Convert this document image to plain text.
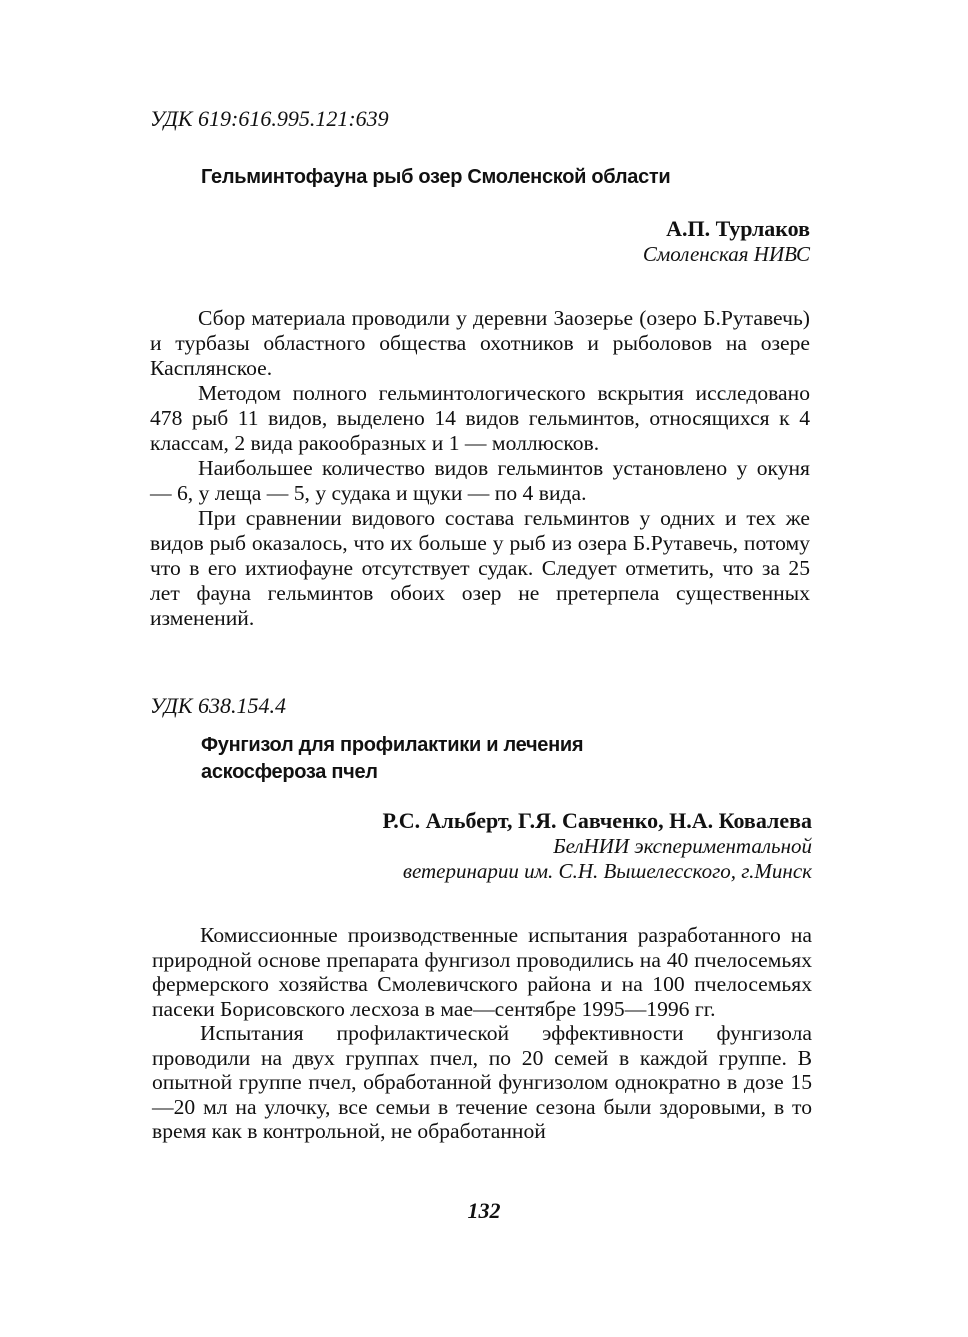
УДК 619:616.995.121:639
Гельминтофауна рыб озер Смоленской области
А.П. Турлаков
Смоленская НИВС

Сбор материала проводили у деревни Заозерье (озеро Б.Рутавечь) и турбазы областного общества охотников и рыболовов на озере Касплянское.

Методом полного гельминтологического вскрытия исследовано 478 рыб 11 видов, выделено 14 видов гельминтов, относящихся к 4 классам, 2 вида ракообразных и 1 — моллюсков.

Наибольшее количество видов гельминтов установлено у окуня — 6, у леща — 5, у судака и щуки — по 4 вида.

При сравнении видового состава гельминтов у одних и тех же видов рыб оказалось, что их больше у рыб из озера Б.Рутавечь, потому что в его ихтиофауне отсутствует судак. Следует отметить, что за 25 лет фауна гельминтов обоих озер не претерпела существенных изменений.

УДК 638.154.4
Фунгизол для профилактики и лечения
аскосфероза пчел
Р.С. Альберт, Г.Я. Савченко, Н.А. Ковалева
БелНИИ экспериментальной
ветеринарии им. С.Н. Вышелесского, г.Минск

Комиссионные производственные испытания разработанного на природной основе препарата фунгизол проводились на 40 пчелосемьях фермерского хозяйства Смолевичского района и на 100 пчелосемьях пасеки Борисовского лесхоза в мае—сентябре 1995—1996 гг.

Испытания профилактической эффективности фунгизола проводили на двух группах пчел, по 20 семей в каждой группе. В опытной группе пчел, обработанной фунгизолом однократно в дозе 15—20 мл на улочку, все семьи в течение сезона были здоровыми, в то время как в контрольной, не обработанной

132
